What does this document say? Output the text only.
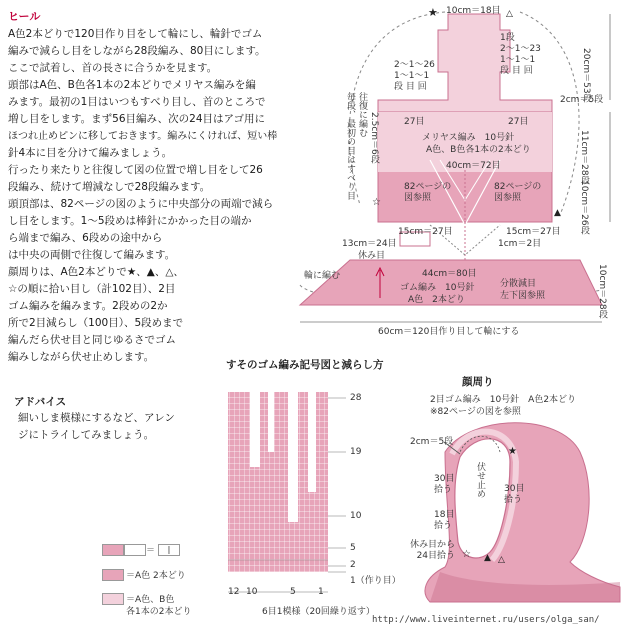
ヒール
A色2本どりで120目作り目をして輪にし、輪針でゴム
編みで減らし目をしながら28段編み、80目にします。
ここで試着し、首の長さに合うかを見ます。
頭部はA色、B色各1本の2本どりでメリヤス編みを編
みます。最初の1目はいつもすべり目し、首のところで
増し目をします。まず56目編み、次の24目はアゴ用に
ほつれ止めピンに移しておきます。編みにくければ、短い棒
針4本に目を分けて編みましょう。
行ったり来たりと往復して図の位置で増し目をして26
段編み、続けて増減なしで28段編みます。
頭頂部は、82ページの図のように中央部分の両端で減ら
し目をします。1～5段めは棒針にかかった目の端か
ら端まで編み、6段めの途中から
は中央の両側で往復して編みます。
顔周りは、A色2本どりで★、▲、△、
☆の順に拾い目し（計102目）、2目
ゴム編みを編みます。2段めの2か
所で2目減らし（100目）、5段めまで
編んだら伏せ目と同じゆるさでゴム
編みしながら伏せ止めします。
アドバイス
細いしま模様にするなど、アレン
ジにトライしてみましょう。
★	△
☆
▲
10cm＝18目
1段
2～1～23
1～1～1
段 目 回
2～1～26
1～1～1
段 目 回	20cm＝53段
2cm＝5段
2.5cm＝6段	27目	27目
メリヤス編み　10号針
A色、B色各1本の2本どり
40cm＝72目
82ページの
図参照
82ページの
図参照
15cm＝27目	15cm＝27目
11cm＝28段
10cm＝26段
毎段、最初の目はすべり目 往復に編む
13cm＝24目
休み目
1cm＝2目
輪に編む	44cm＝80目
ゴム編み　10号針
A色　2本どり
分散減目
左下図参照	10cm＝28段
60cm＝120目作り目して輪にする
すそのゴム編み記号図と減らし方
28
19
10
5
2
1（作り目）
12 10	5 1
6目1模様（20回繰り返す）
＝	|
＝A色 2本どり
＝A色、B色
各1本の2本どり
顔周り
2目ゴム編み　10号針　A色2本どり
※82ページの図を参照
★
▲
☆	△
2cm＝5段
伏せ止め
30目
拾う	30目
拾う
18目
拾う
休み目から
24目拾う
http://www.liveinternet.ru/users/olga_san/
